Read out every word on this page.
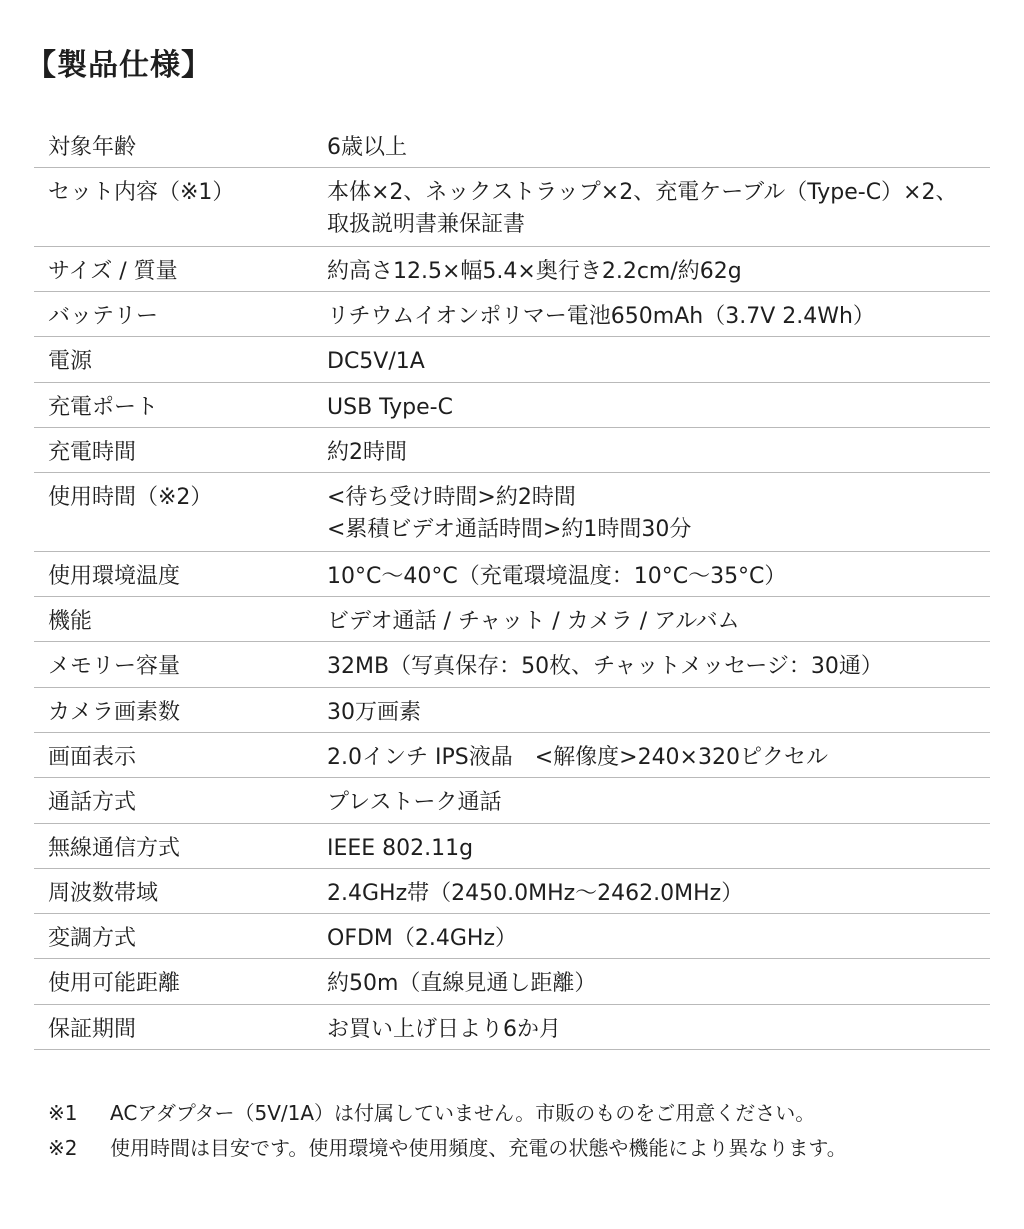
【製品仕様】
対象年齢	6歳以上
セット内容（※1）	本体×2、ネックストラップ×2、充電ケーブル（Type-C）×2、
取扱説明書兼保証書
サイズ / 質量	約高さ12.5×幅5.4×奥行き2.2cm/約62g
バッテリー	リチウムイオンポリマー電池650mAh（3.7V 2.4Wh）
電源	DC5V/1A
充電ポート	USB Type-C
充電時間	約2時間
使用時間（※2）	<待ち受け時間>約2時間
<累積ビデオ通話時間>約1時間30分
使用環境温度	10°C〜40°C（充電環境温度：10°C〜35°C）
機能	ビデオ通話 / チャット / カメラ / アルバム
メモリー容量	32MB（写真保存：50枚、チャットメッセージ：30通）
カメラ画素数	30万画素
画面表示	2.0インチ IPS液晶　<解像度>240×320ピクセル
通話方式	プレストーク通話
無線通信方式	IEEE 802.11g
周波数帯域	2.4GHz帯（2450.0MHz〜2462.0MHz）
変調方式	OFDM（2.4GHz）
使用可能距離	約50m（直線見通し距離）
保証期間	お買い上げ日より6か月
※1	ACアダプター（5V/1A）は付属していません。市販のものをご用意ください。
※2	使用時間は目安です。使用環境や使用頻度、充電の状態や機能により異なります。
